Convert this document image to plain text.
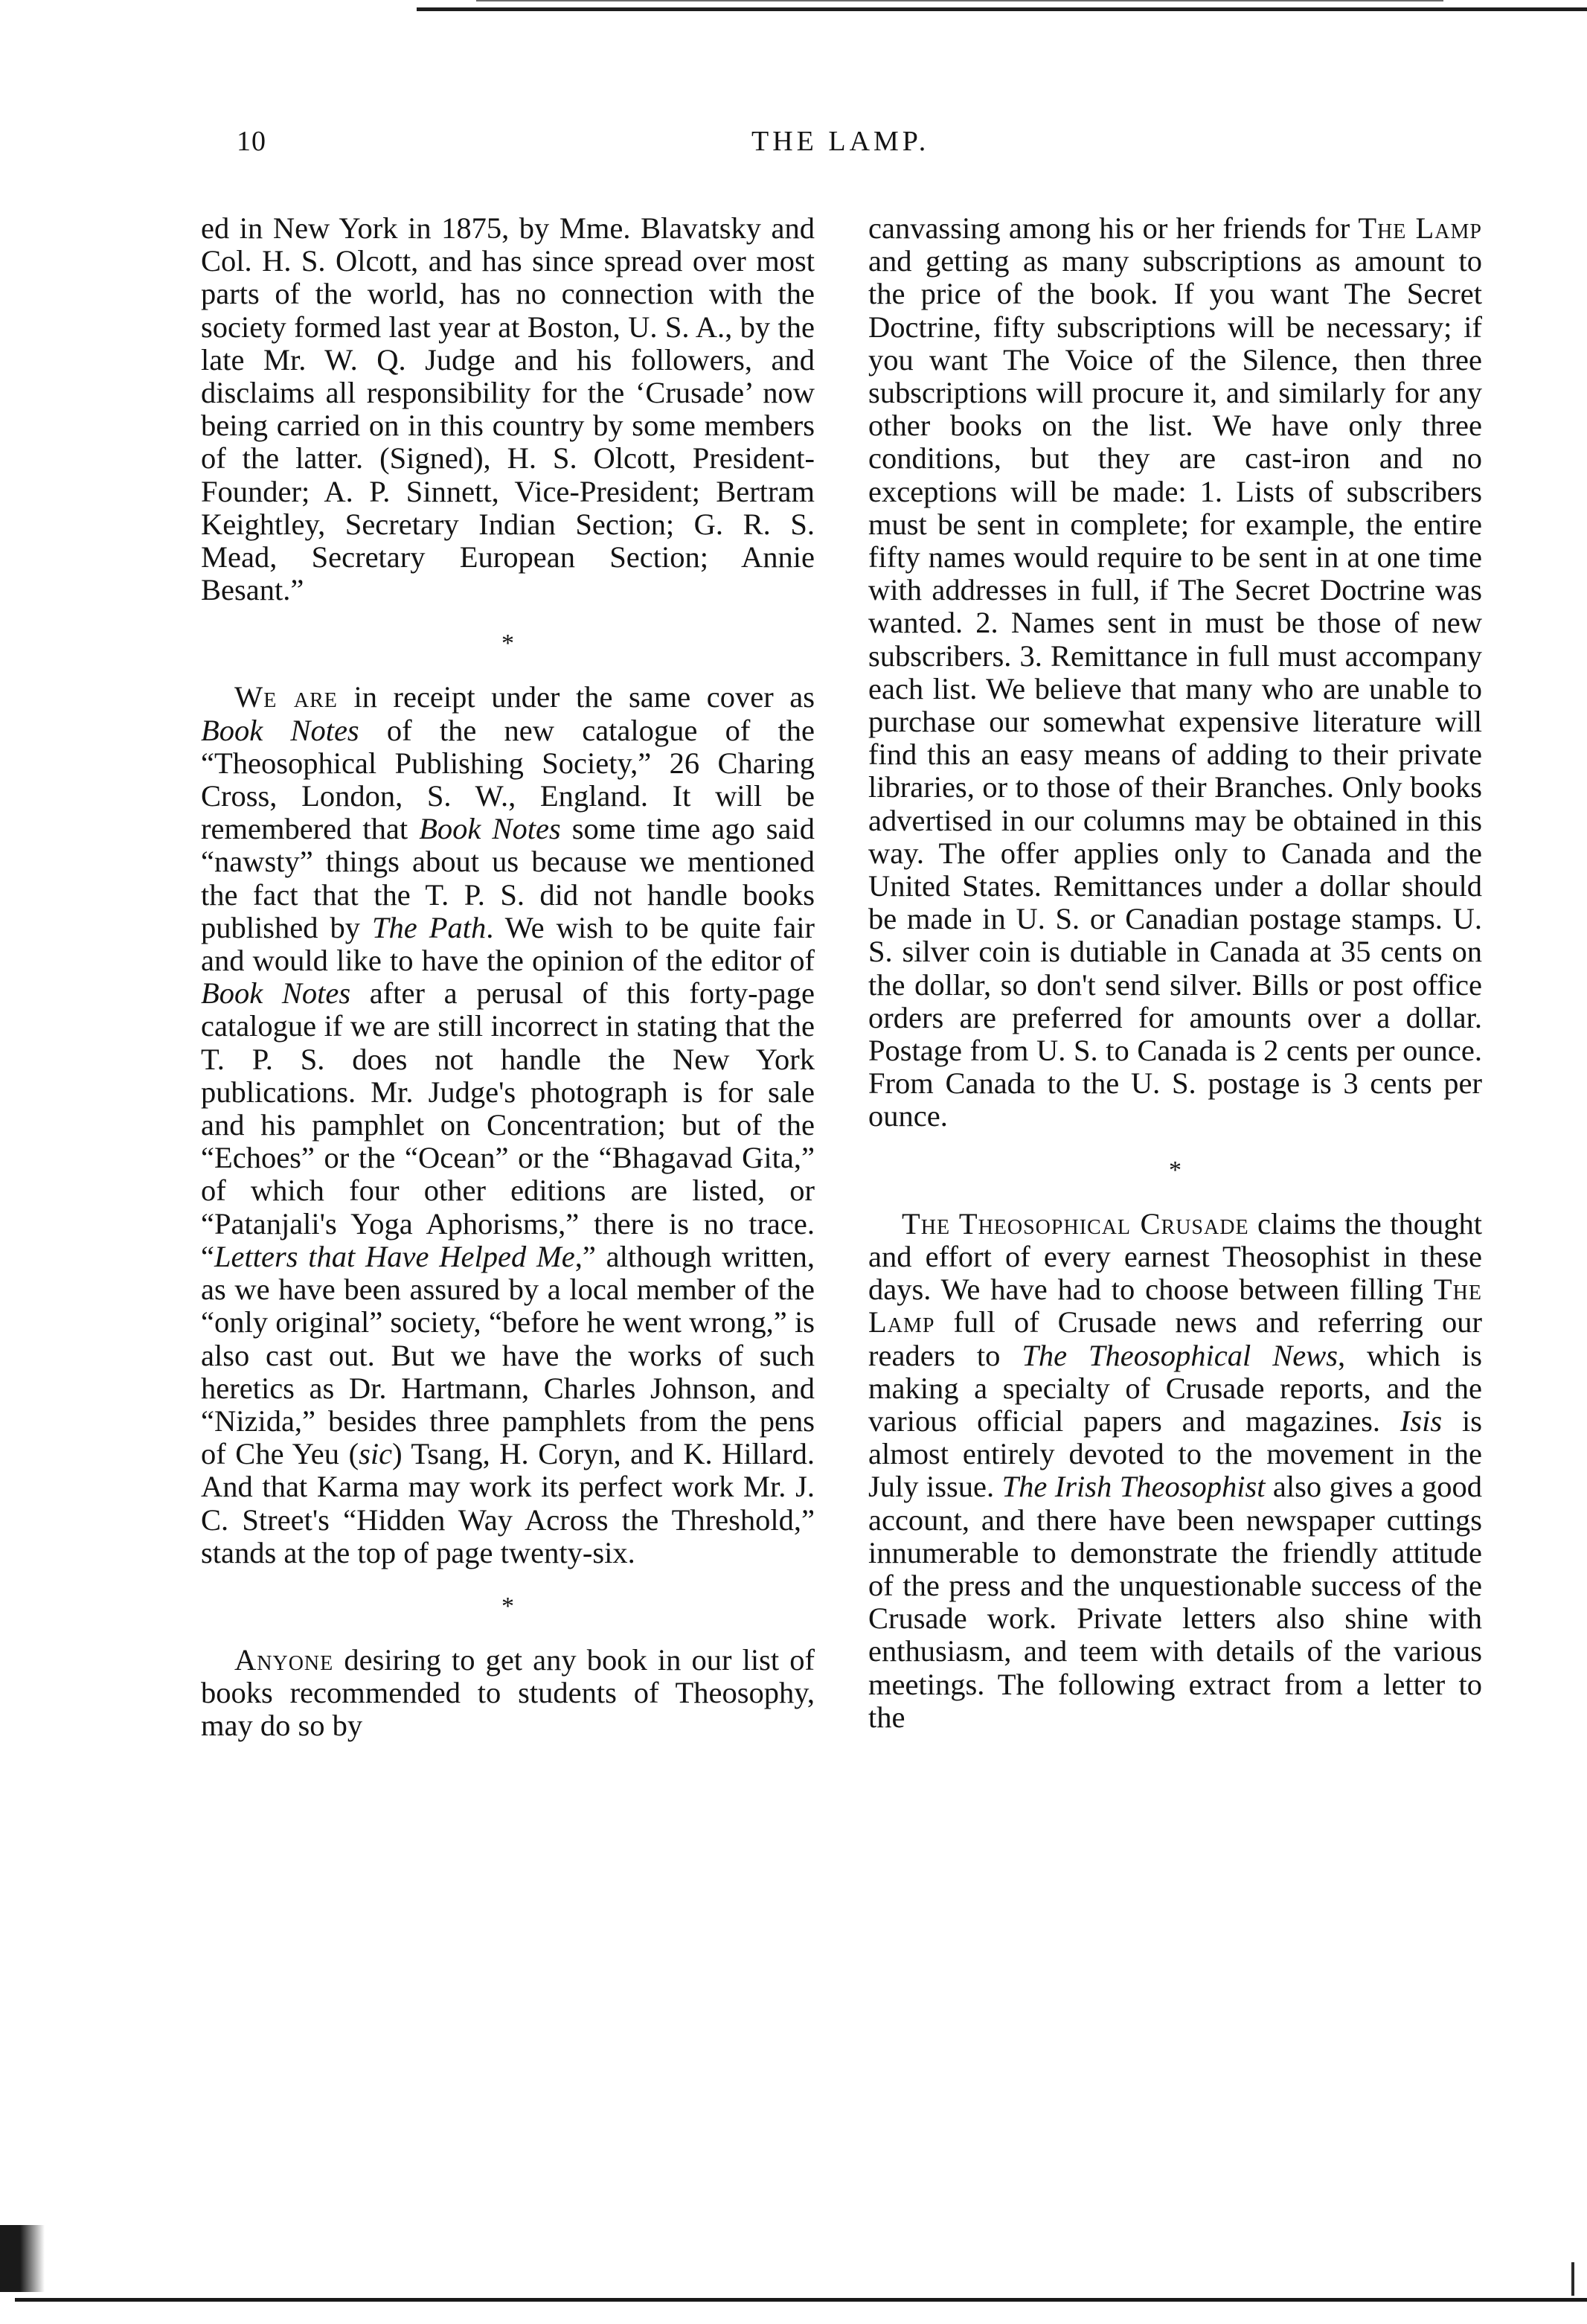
10	THE LAMP.

ed in New York in 1875, by Mme. Blavatsky and Col. H. S. Olcott, and has since spread over most parts of the world, has no connection with the society formed last year at Boston, U. S. A., by the late Mr. W. Q. Judge and his followers, and disclaims all responsibility for the ‘Crusade’ now being carried on in this country by some members of the latter. (Signed), H. S. Olcott, President-Founder; A. P. Sinnett, Vice-President; Bertram Keightley, Secretary Indian Section; G. R. S. Mead, Secretary European Section; Annie Besant.”

*

We are in receipt under the same cover as Book Notes of the new catalogue of the “Theosophical Publishing Society,” 26 Charing Cross, London, S. W., England. It will be remembered that Book Notes some time ago said “nawsty” things about us because we mentioned the fact that the T. P. S. did not handle books published by The Path. We wish to be quite fair and would like to have the opinion of the editor of Book Notes after a perusal of this forty-page catalogue if we are still incorrect in stating that the T. P. S. does not handle the New York publications. Mr. Judge's photograph is for sale and his pamphlet on Concentration; but of the “Echoes” or the “Ocean” or the “Bhagavad Gita,” of which four other editions are listed, or “Patanjali's Yoga Aphorisms,” there is no trace. “Letters that Have Helped Me,” although written, as we have been assured by a local member of the “only original” society, “before he went wrong,” is also cast out. But we have the works of such heretics as Dr. Hartmann, Charles Johnson, and “Nizida,” besides three pamphlets from the pens of Che Yeu (sic) Tsang, H. Coryn, and K. Hillard. And that Karma may work its perfect work Mr. J. C. Street's “Hidden Way Across the Threshold,” stands at the top of page twenty-six.

*

Anyone desiring to get any book in our list of books recommended to students of Theosophy, may do so by

canvassing among his or her friends for The Lamp and getting as many subscriptions as amount to the price of the book. If you want The Secret Doctrine, fifty subscriptions will be necessary; if you want The Voice of the Silence, then three subscriptions will procure it, and similarly for any other books on the list. We have only three conditions, but they are cast-iron and no exceptions will be made: 1. Lists of subscribers must be sent in complete; for example, the entire fifty names would require to be sent in at one time with addresses in full, if The Secret Doctrine was wanted. 2. Names sent in must be those of new subscribers. 3. Remittance in full must accompany each list. We believe that many who are unable to purchase our somewhat expensive literature will find this an easy means of adding to their private libraries, or to those of their Branches. Only books advertised in our columns may be obtained in this way. The offer applies only to Canada and the United States. Remittances under a dollar should be made in U. S. or Canadian postage stamps. U. S. silver coin is dutiable in Canada at 35 cents on the dollar, so don't send silver. Bills or post office orders are preferred for amounts over a dollar. Postage from U. S. to Canada is 2 cents per ounce. From Canada to the U. S. postage is 3 cents per ounce.

*

The Theosophical Crusade claims the thought and effort of every earnest Theosophist in these days. We have had to choose between filling The Lamp full of Crusade news and referring our readers to The Theosophical News, which is making a specialty of Crusade reports, and the various official papers and magazines. Isis is almost entirely devoted to the movement in the July issue. The Irish Theosophist also gives a good account, and there have been newspaper cuttings innumerable to demonstrate the friendly attitude of the press and the unquestionable success of the Crusade work. Private letters also shine with enthusiasm, and teem with details of the various meetings. The following extract from a letter to the
